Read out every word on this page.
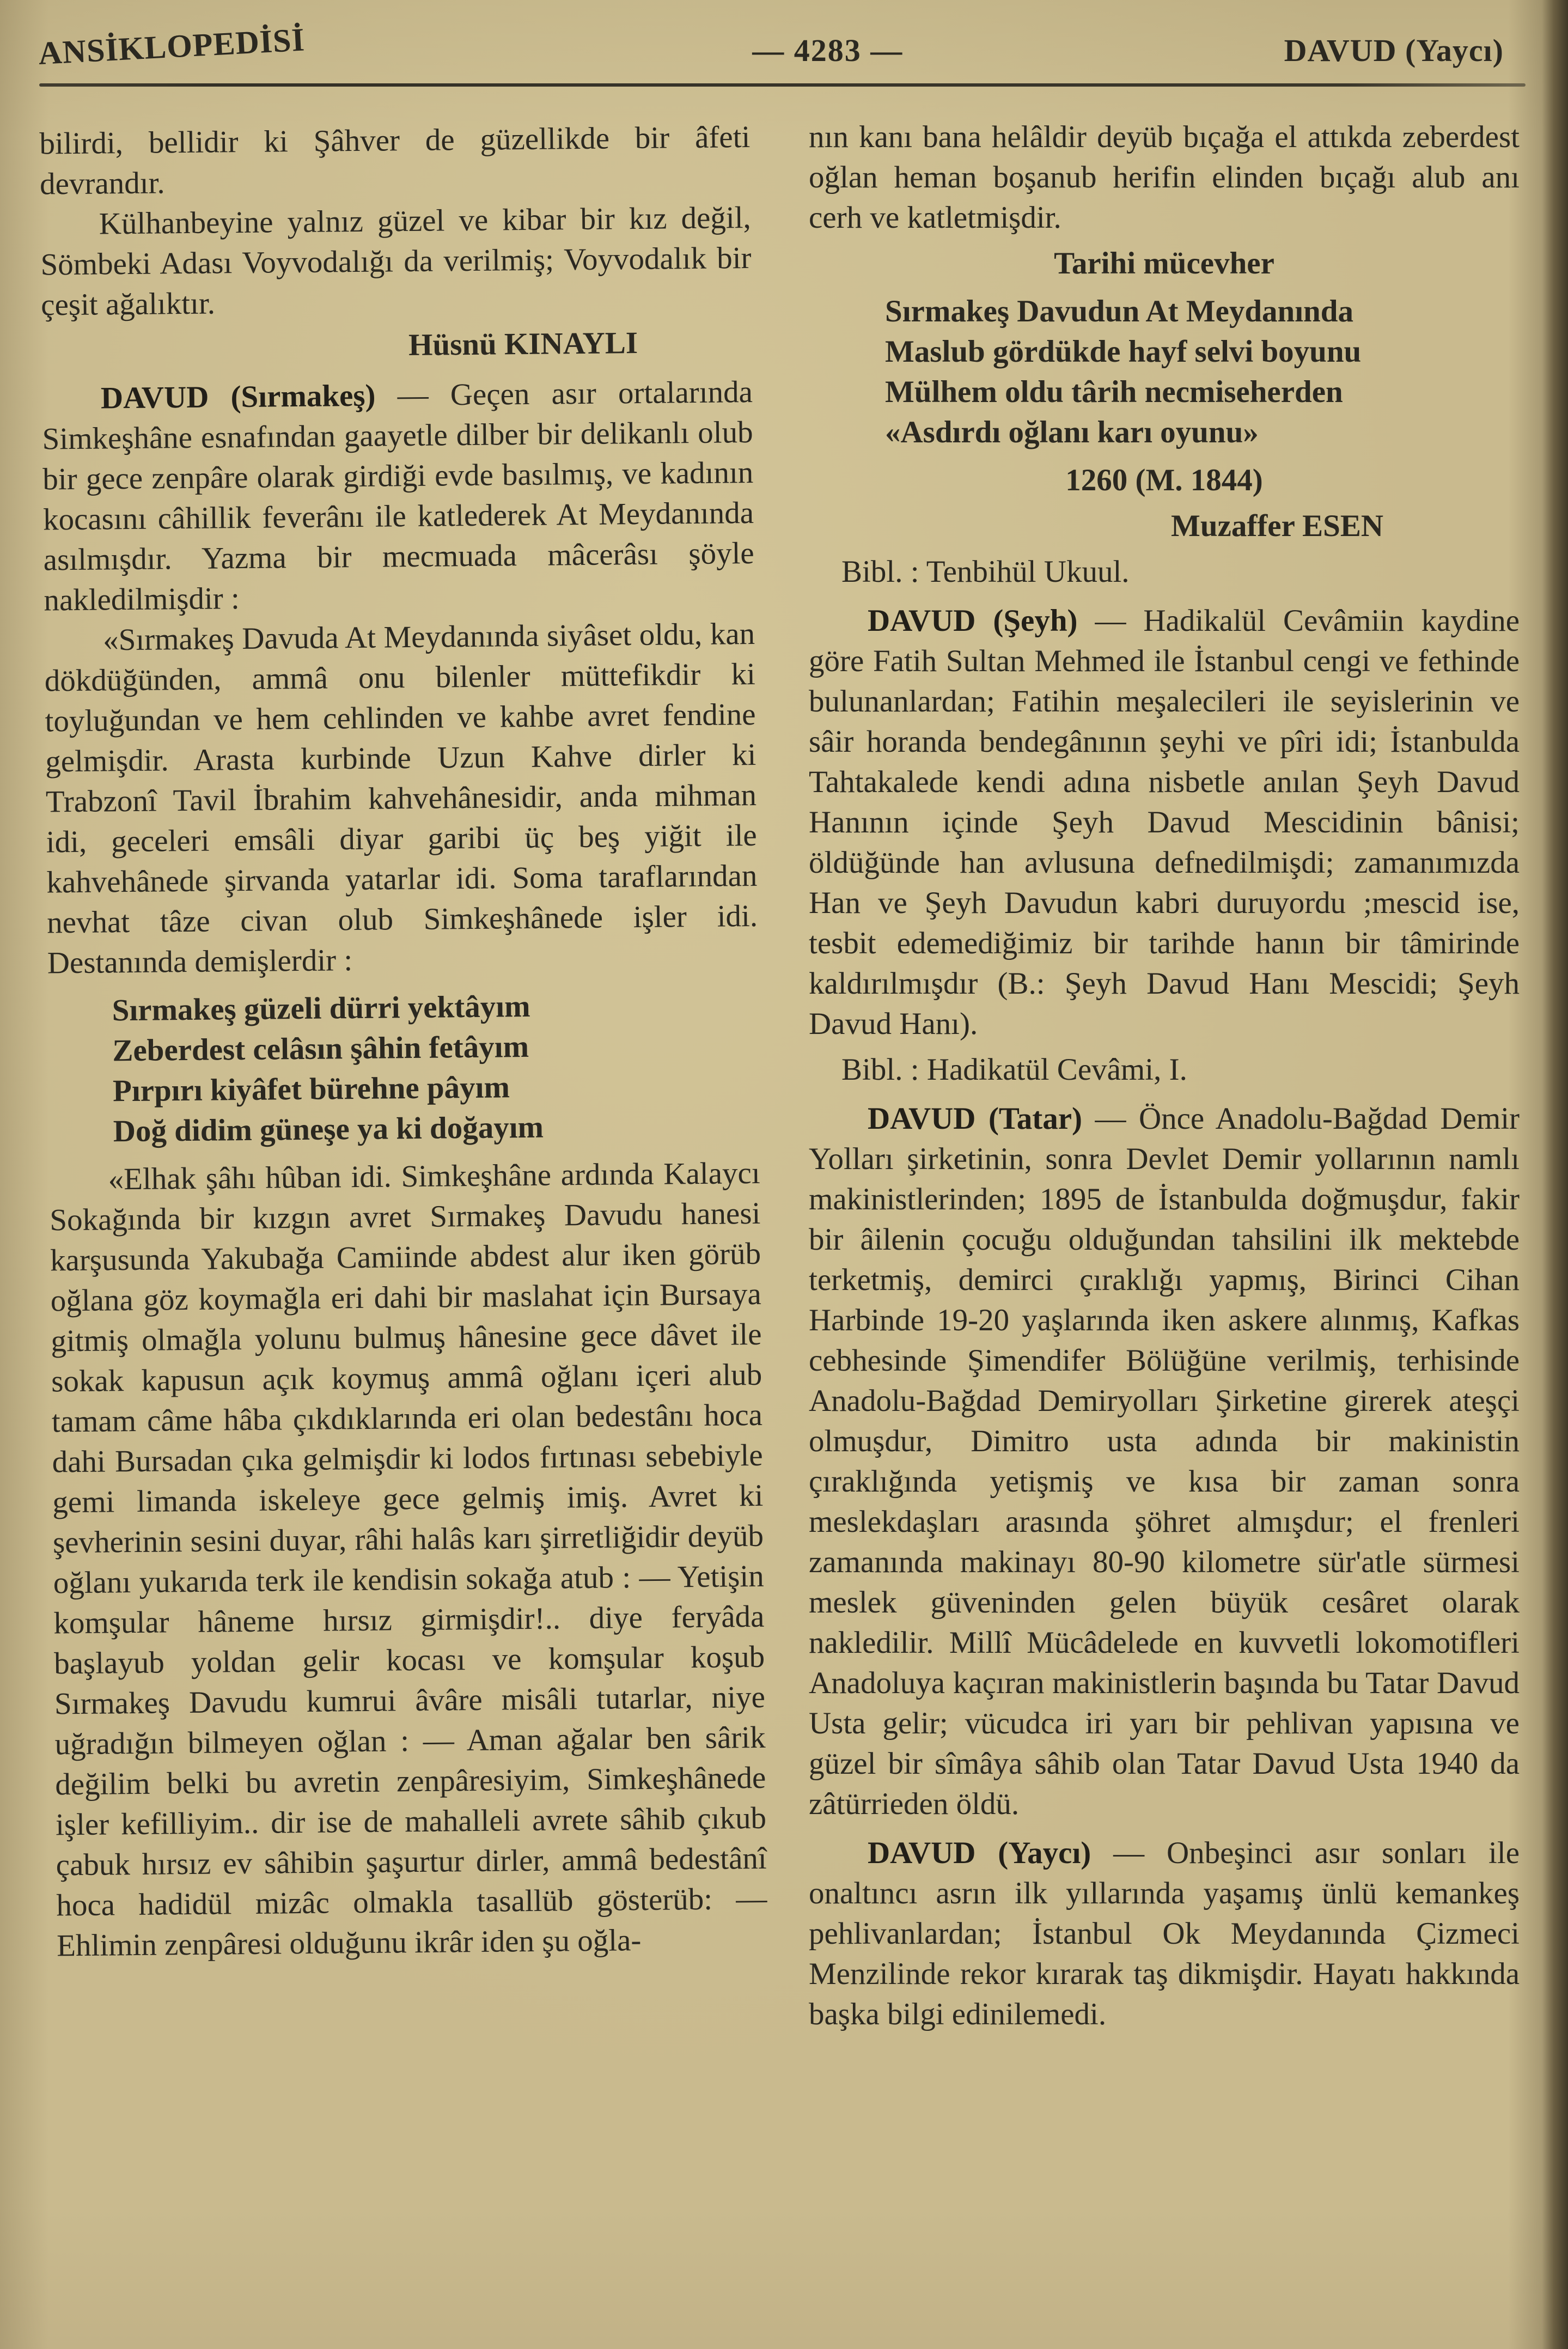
ANSİKLOPEDİSİ	— 4283 —	DAVUD (Yaycı)

bilirdi, bellidir ki Şâhver de güzellikde bir âfeti devrandır.

Külhanbeyine yalnız güzel ve kibar bir kız değil, Sömbeki Adası Voyvodalığı da verilmiş; Voyvodalık bir çeşit ağalıktır.

Hüsnü KINAYLI

DAVUD (Sırmakeş) — Geçen asır ortalarında Simkeşhâne esnafından gaayetle dilber bir delikanlı olub bir gece zenpâre olarak girdiği evde basılmış, ve kadının kocasını câhillik feverânı ile katlederek At Meydanında asılmışdır. Yazma bir mecmuada mâcerâsı şöyle nakledilmişdir :

«Sırmakeş Davuda At Meydanında siyâset oldu, kan dökdüğünden, ammâ onu bilenler müttefikdir ki toyluğundan ve hem cehlinden ve kahbe avret fendine gelmişdir. Arasta kurbinde Uzun Kahve dirler ki Trabzonî Tavil İbrahim kahvehânesidir, anda mihman idi, geceleri emsâli diyar garibi üç beş yiğit ile kahvehânede şirvanda yatarlar idi. Soma taraflarından nevhat tâze civan olub Simkeşhânede işler idi. Destanında demişlerdir :

Sırmakeş güzeli dürri yektâyım
Zeberdest celâsın şâhin fetâyım
Pırpırı kiyâfet bürehne pâyım
Doğ didim güneşe ya ki doğayım

«Elhak şâhı hûban idi. Simkeşhâne ardında Kalaycı Sokağında bir kızgın avret Sırmakeş Davudu hanesi karşusunda Yakubağa Camiinde abdest alur iken görüb oğlana göz koymağla eri dahi bir maslahat için Bursaya gitmiş olmağla yolunu bulmuş hânesine gece dâvet ile sokak kapusun açık koymuş ammâ oğlanı içeri alub tamam câme hâba çıkdıklarında eri olan bedestânı hoca dahi Bursadan çıka gelmişdir ki lodos fırtınası sebebiyle gemi limanda iskeleye gece gelmiş imiş. Avret ki şevherinin sesini duyar, râhi halâs karı şirretliğidir deyüb oğlanı yukarıda terk ile kendisin sokağa atub : — Yetişin komşular hâneme hırsız girmişdir!.. diye feryâda başlayub yoldan gelir kocası ve komşular koşub Sırmakeş Davudu kumrui âvâre misâli tutarlar, niye uğradığın bilmeyen oğlan : — Aman ağalar ben sârik değilim belki bu avretin zenpâresiyim, Simkeşhânede işler kefilliyim.. dir ise de mahalleli avrete sâhib çıkub çabuk hırsız ev sâhibin şaşurtur dirler, ammâ bedestânî hoca hadidül mizâc olmakla tasallüb gösterüb: — Ehlimin zenpâresi olduğunu ikrâr iden şu oğla-

nın kanı bana helâldir deyüb bıçağa el attıkda zeberdest oğlan heman boşanub herifin elinden bıçağı alub anı cerh ve katletmişdir.

Tarihi mücevher
Sırmakeş Davudun At Meydanında
Maslub gördükde hayf selvi boyunu
Mülhem oldu târih necmiseherden
«Asdırdı oğlanı karı oyunu»
1260 (M. 1844)
Muzaffer ESEN
Bibl. : Tenbihül Ukuul.

DAVUD (Şeyh) — Hadikalül Cevâmiin kaydine göre Fatih Sultan Mehmed ile İstanbul cengi ve fethinde bulunanlardan; Fatihin meşalecileri ile seyislerinin ve sâir horanda bendegânının şeyhi ve pîri idi; İstanbulda Tahtakalede kendi adına nisbetle anılan Şeyh Davud Hanının içinde Şeyh Davud Mescidinin bânisi; öldüğünde han avlusuna defnedilmişdi; zamanımızda Han ve Şeyh Davudun kabri duruyordu ;mescid ise, tesbit edemediğimiz bir tarihde hanın bir tâmirinde kaldırılmışdır (B.: Şeyh Davud Hanı Mescidi; Şeyh Davud Hanı).

Bibl. : Hadikatül Cevâmi, I.

DAVUD (Tatar) — Önce Anadolu-Bağdad Demir Yolları şirketinin, sonra Devlet Demir yollarının namlı makinistlerinden; 1895 de İstanbulda doğmuşdur, fakir bir âilenin çocuğu olduğundan tahsilini ilk mektebde terketmiş, demirci çıraklığı yapmış, Birinci Cihan Harbinde 19-20 yaşlarında iken askere alınmış, Kafkas cebhesinde Şimendifer Bölüğüne verilmiş, terhisinde Anadolu-Bağdad Demiryolları Şirketine girerek ateşçi olmuşdur, Dimitro usta adında bir makinistin çıraklığında yetişmiş ve kısa bir zaman sonra meslekdaşları arasında şöhret almışdur; el frenleri zamanında makinayı 80-90 kilometre sür'atle sürmesi meslek güveninden gelen büyük cesâret olarak nakledilir. Millî Mücâdelede en kuvvetli lokomotifleri Anadoluya kaçıran makinistlerin başında bu Tatar Davud Usta gelir; vücudca iri yarı bir pehlivan yapısına ve güzel bir sîmâya sâhib olan Tatar Davud Usta 1940 da zâtürrieden öldü.

DAVUD (Yaycı) — Onbeşinci asır sonları ile onaltıncı asrın ilk yıllarında yaşamış ünlü kemankeş pehlivanlardan; İstanbul Ok Meydanında Çizmeci Menzilinde rekor kırarak taş dikmişdir. Hayatı hakkında başka bilgi edinilemedi.
